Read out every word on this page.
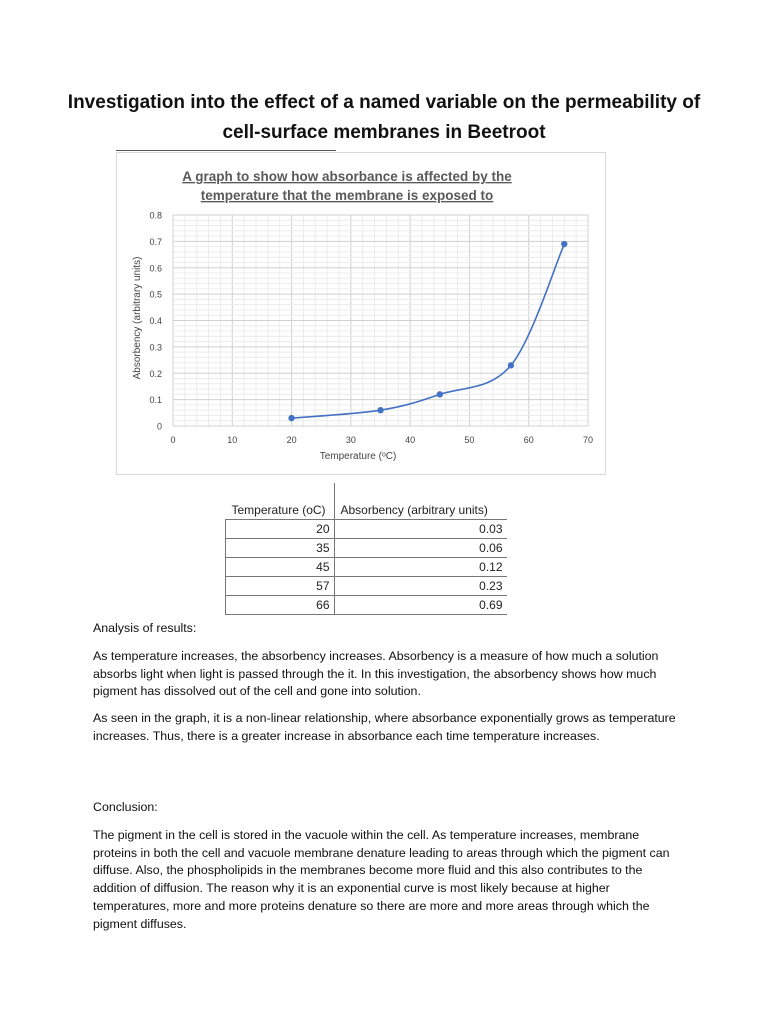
Investigation into the effect of a named variable on the permeability of cell-surface membranes in Beetroot
A graph to show how absorbance is affected by the
temperature that the membrane is exposed to
0
0.1
0.2
0.3
0.4
0.5
0.6
0.7
0.8
0	10	20	30	40	50	60	70
Temperature (ᵒC)
Absorbency (arbitrary units)
Temperature (oC)	Absorbency (arbitrary units)
20	0.03
35	0.06
45	0.12
57	0.23
66	0.69

Analysis of results:

As temperature increases, the absorbency increases. Absorbency is a measure of how much a solution absorbs light when light is passed through the it. In this investigation, the absorbency shows how much pigment has dissolved out of the cell and gone into solution.

As seen in the graph, it is a non-linear relationship, where absorbance exponentially grows as temperature increases. Thus, there is a greater increase in absorbance each time temperature increases.

Conclusion:

The pigment in the cell is stored in the vacuole within the cell. As temperature increases, membrane proteins in both the cell and vacuole membrane denature leading to areas through which the pigment can diffuse. Also, the phospholipids in the membranes become more fluid and this also contributes to the addition of diffusion. The reason why it is an exponential curve is most likely because at higher temperatures, more and more proteins denature so there are more and more areas through which the pigment diffuses.
